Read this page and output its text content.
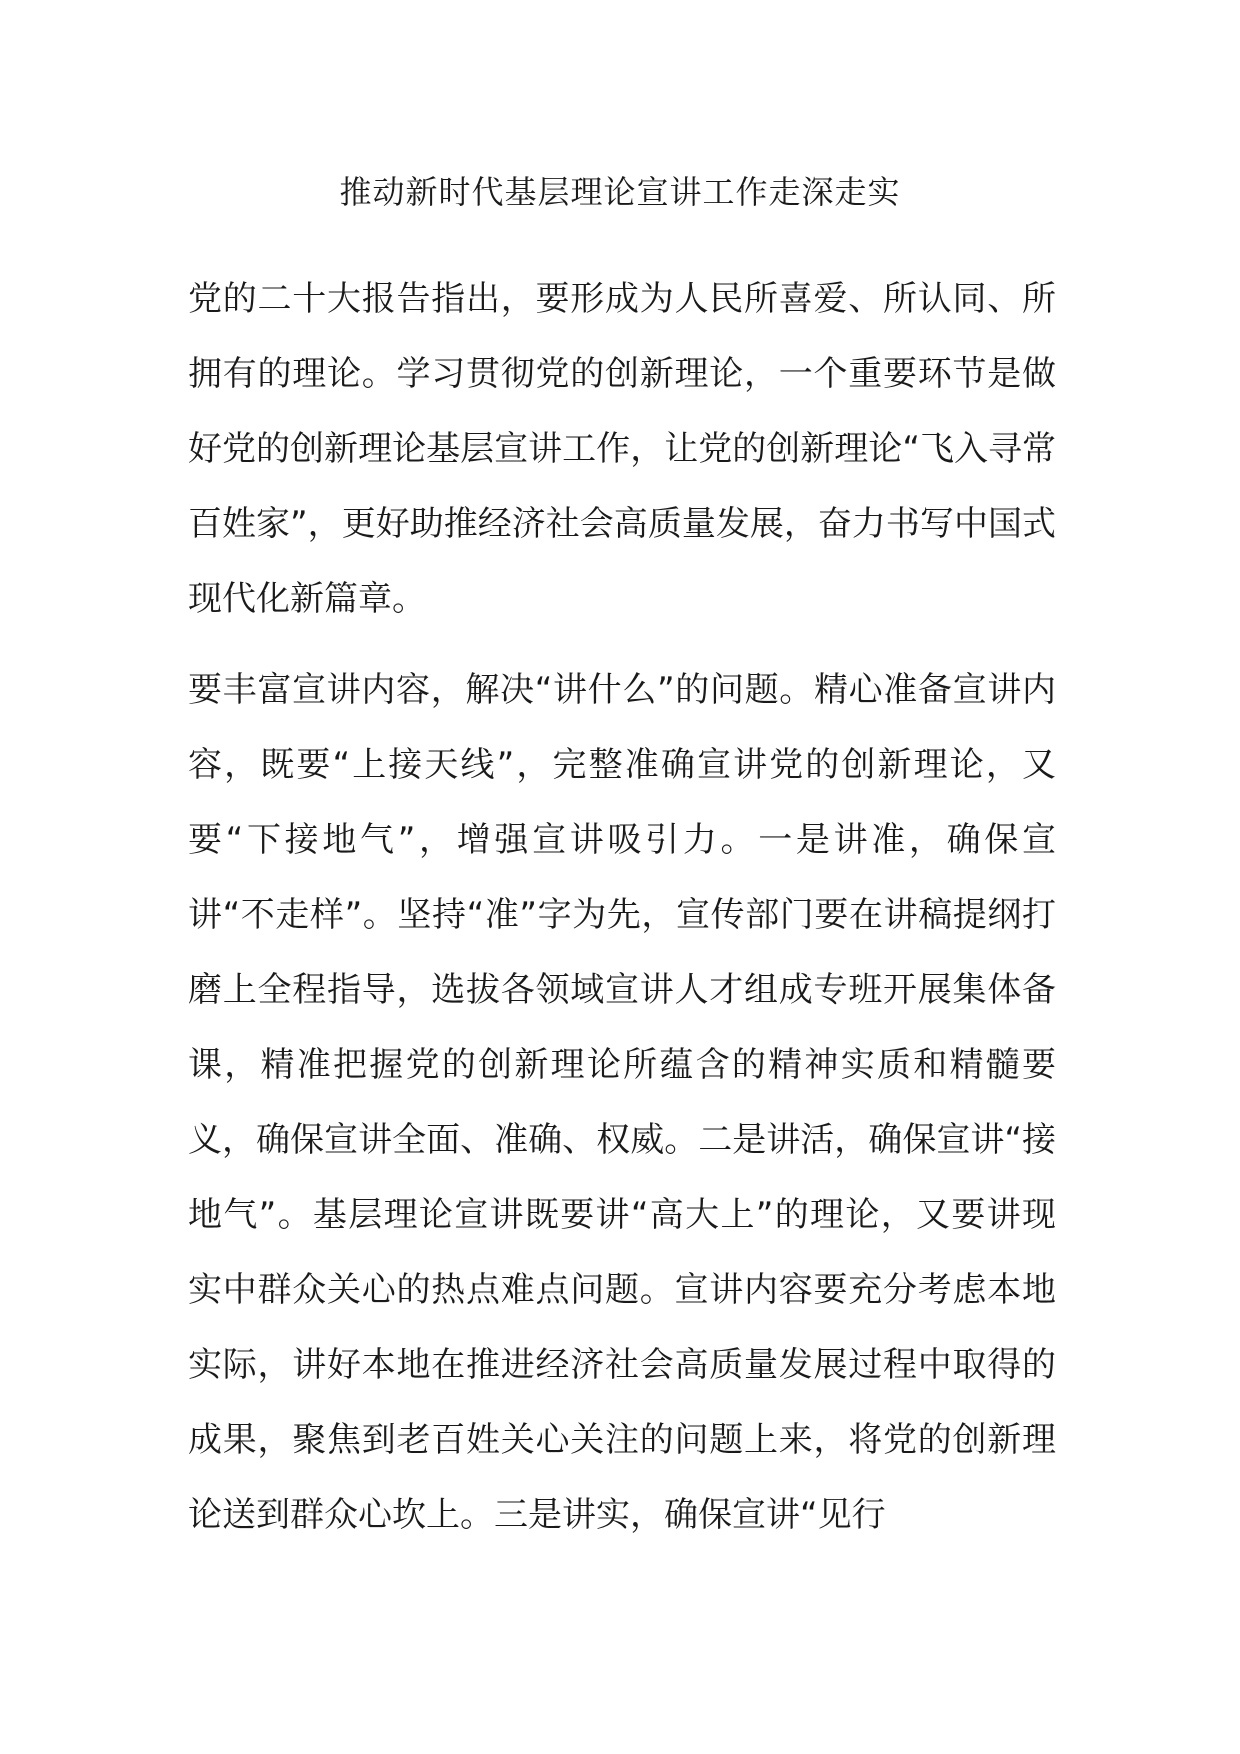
推动新时代基层理论宣讲工作走深走实

党的二十大报告指出，要形成为人民所喜爱、所认同、所拥有的理论。学习贯彻党的创新理论，一个重要环节是做好党的创新理论基层宣讲工作，让党的创新理论“飞入寻常百姓家”，更好助推经济社会高质量发展，奋力书写中国式现代化新篇章。

要丰富宣讲内容，解决“讲什么”的问题。精心准备宣讲内容，既要“上接天线”，完整准确宣讲党的创新理论，又要“下接地气”，增强宣讲吸引力。一是讲准，确保宣讲“不走样”。坚持“准”字为先，宣传部门要在讲稿提纲打磨上全程指导，选拔各领域宣讲人才组成专班开展集体备课，精准把握党的创新理论所蕴含的精神实质和精髓要义，确保宣讲全面、准确、权威。二是讲活，确保宣讲“接地气”。基层理论宣讲既要讲“高大上”的理论，又要讲现实中群众关心的热点难点问题。宣讲内容要充分考虑本地实际，讲好本地在推进经济社会高质量发展过程中取得的成果，聚焦到老百姓关心关注的问题上来，将党的创新理论送到群众心坎上。三是讲实，确保宣讲“见行
